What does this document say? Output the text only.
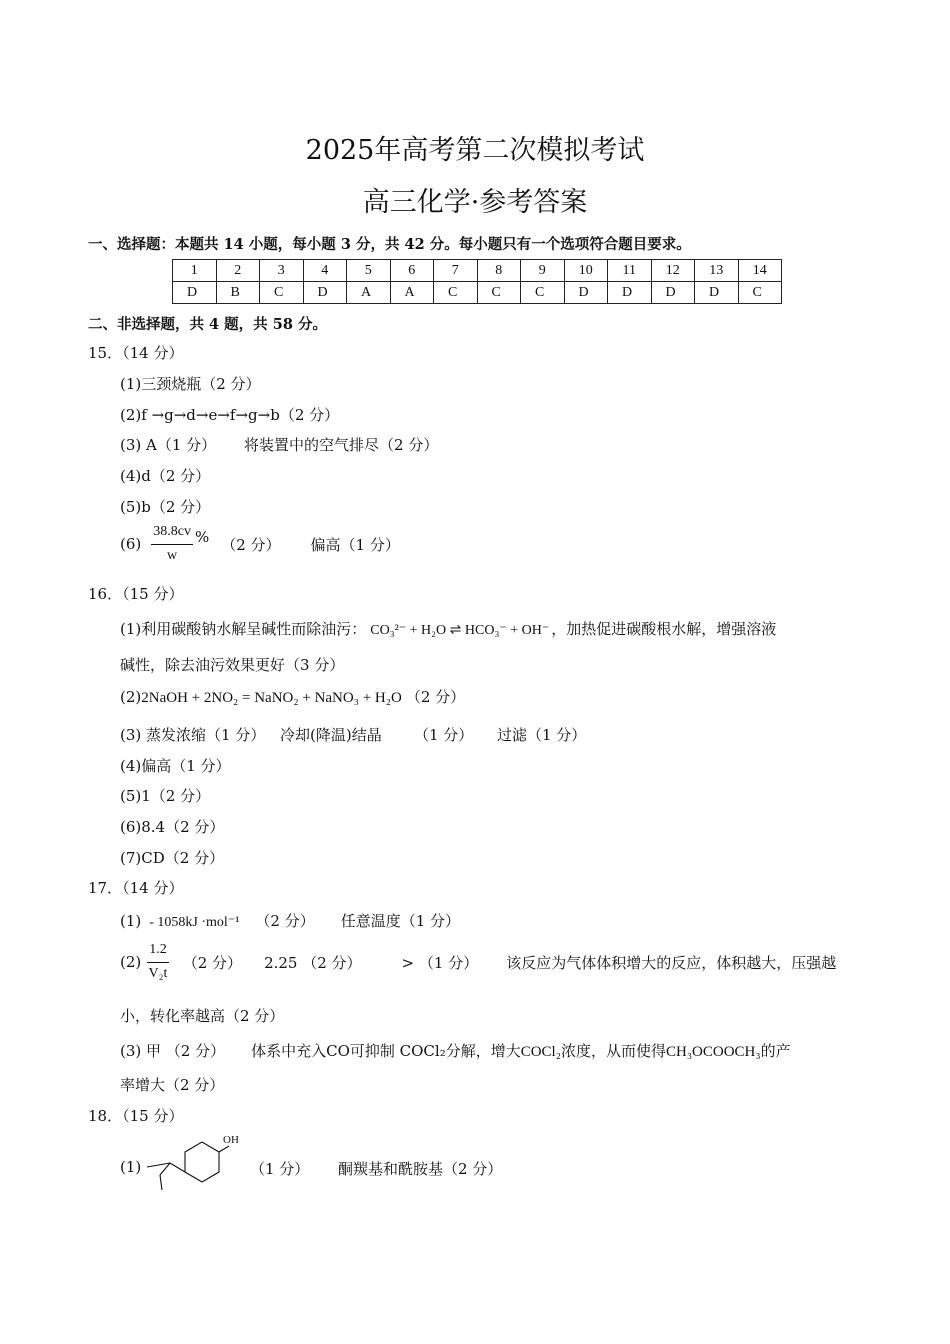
2025年高考第二次模拟考试
高三化学·参考答案
一、选择题：本题共 14 小题，每小题 3 分，共 42 分。每小题只有一个选项符合题目要求。
1	2	3	4	5	6	7	8	9	10	11	12	13	14
D	B	C	D	A	A	C	C	C	D	D	D	D	C
二、非选择题，共 4 题，共 58 分。
15．（14 分）
(1)三颈烧瓶（2 分）
(2)f →g→d→e→f→g→b（2 分）
(3) A（1 分） 将装置中的空气排尽（2 分）
(4)d（2 分）
(5)b（2 分）
$(6) \frac{38.8cv}{w}$ % （2 分） 偏高（1 分）
16．（15 分）
(1)利用碳酸钠水解呈碱性而除油污： CO₃²⁻ + H₂O ⇌ HCO₃⁻ + OH⁻ ，加热促进碳酸根水解，增强溶液
碱性，除去油污效果更好（3 分）
(2)2NaOH + 2NO₂ = NaNO₂ + NaNO₃ + H₂O （2 分）
(3) 蒸发浓缩（1 分） 冷却(降温)结晶 （1 分） 过滤（1 分）
(4)偏高（1 分）
(5)1（2 分）
(6)8.4（2 分）
(7)CD（2 分）
17．（14 分）
(1) - 1058kJ ·mol⁻¹ （2 分） 任意温度（1 分）
$(2) \frac{1.2}{\text{V₂t}} (2$ 分） 2.25 （2 分）	> （1 分） 该反应为气体体积增大的反应，体积越大，压强越
小，转化率越高（2 分）
(3) 甲 （2 分） 体系中充入CO可抑制 COCl₂分解，增大COCl₂浓度，从而使得CH₃OCOOCH₃的产
率增大（2 分）
18．（15 分）
(1)
OH
（1 分） 酮羰基和酰胺基（2 分）
